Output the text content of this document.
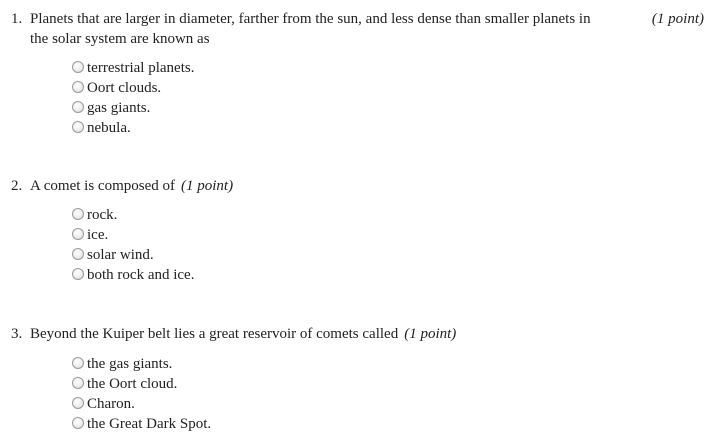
1. Planets that are larger in diameter, farther from the sun, and less dense than smaller planets in
the solar system are known as
(1 point)
terrestrial planets.
Oort clouds.
gas giants.
nebula.
2. A comet is composed of (1 point)
rock.
ice.
solar wind.
both rock and ice.
3. Beyond the Kuiper belt lies a great reservoir of comets called (1 point)
the gas giants.
the Oort cloud.
Charon.
the Great Dark Spot.
